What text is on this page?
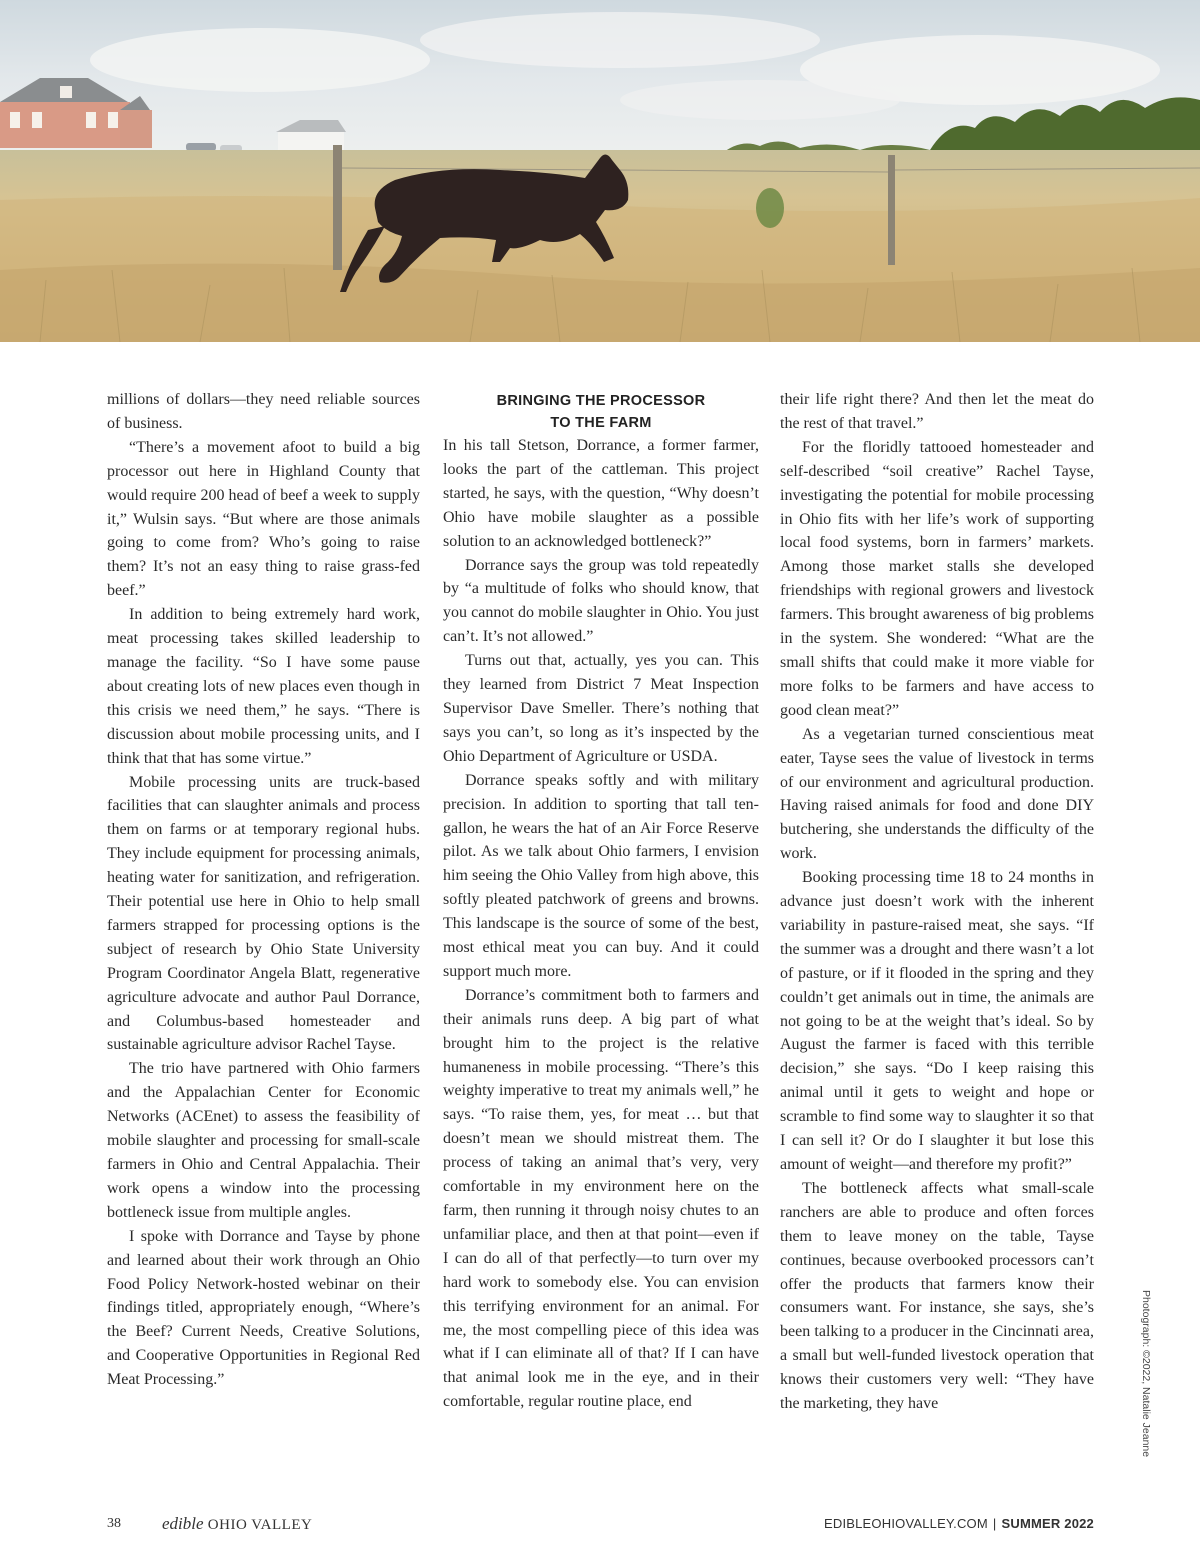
millions of dollars—they need reliable sources of business.

“There’s a movement afoot to build a big processor out here in Highland County that would require 200 head of beef a week to supply it,” Wulsin says. “But where are those animals going to come from? Who’s going to raise them? It’s not an easy thing to raise grass-fed beef.”

In addition to being extremely hard work, meat processing takes skilled leadership to manage the facility. “So I have some pause about creating lots of new places even though in this crisis we need them,” he says. “There is discussion about mobile processing units, and I think that that has some virtue.”

Mobile processing units are truck-based facilities that can slaughter animals and process them on farms or at temporary regional hubs. They include equipment for processing animals, heating water for sanitization, and refrigeration. Their potential use here in Ohio to help small farmers strapped for processing options is the subject of research by Ohio State University Program Coordinator Angela Blatt, regenerative agriculture advocate and author Paul Dorrance, and Columbus-based homesteader and sustainable agriculture advisor Rachel Tayse.

The trio have partnered with Ohio farmers and the Appalachian Center for Economic Networks (ACEnet) to assess the feasibility of mobile slaughter and processing for small-scale farmers in Ohio and Central Appalachia. Their work opens a window into the processing bottleneck issue from multiple angles.

I spoke with Dorrance and Tayse by phone and learned about their work through an Ohio Food Policy Network-hosted webinar on their findings titled, appropriately enough, “Where’s the Beef? Current Needs, Creative Solutions, and Cooperative Opportunities in Regional Red Meat Processing.”

BRINGING THE PROCESSOR
TO THE FARM

In his tall Stetson, Dorrance, a former farmer, looks the part of the cattleman. This project started, he says, with the question, “Why doesn’t Ohio have mobile slaughter as a possible solution to an acknowledged bottleneck?”

Dorrance says the group was told repeatedly by “a multitude of folks who should know, that you cannot do mobile slaughter in Ohio. You just can’t. It’s not allowed.”

Turns out that, actually, yes you can. This they learned from District 7 Meat Inspection Supervisor Dave Smeller. There’s nothing that says you can’t, so long as it’s inspected by the Ohio Department of Agriculture or USDA.

Dorrance speaks softly and with military precision. In addition to sporting that tall ten-gallon, he wears the hat of an Air Force Reserve pilot. As we talk about Ohio farmers, I envision him seeing the Ohio Valley from high above, this softly pleated patchwork of greens and browns. This landscape is the source of some of the best, most ethical meat you can buy. And it could support much more.

Dorrance’s commitment both to farmers and their animals runs deep. A big part of what brought him to the project is the relative humaneness in mobile processing. “There’s this weighty imperative to treat my animals well,” he says. “To raise them, yes, for meat … but that doesn’t mean we should mistreat them. The process of taking an animal that’s very, very comfortable in my environment here on the farm, then running it through noisy chutes to an unfamiliar place, and then at that point—even if I can do all of that perfectly—to turn over my hard work to somebody else. You can envision this terrifying environment for an animal. For me, the most compelling piece of this idea was what if I can eliminate all of that? If I can have that animal look me in the eye, and in their comfortable, regular routine place, end

their life right there? And then let the meat do the rest of that travel.”

For the floridly tattooed homesteader and self-described “soil creative” Rachel Tayse, investigating the potential for mobile processing in Ohio fits with her life’s work of supporting local food systems, born in farmers’ markets. Among those market stalls she developed friendships with regional growers and livestock farmers. This brought awareness of big problems in the system. She wondered: “What are the small shifts that could make it more viable for more folks to be farmers and have access to good clean meat?”

As a vegetarian turned conscientious meat eater, Tayse sees the value of livestock in terms of our environment and agricultural production. Having raised animals for food and done DIY butchering, she understands the difficulty of the work.

Booking processing time 18 to 24 months in advance just doesn’t work with the inherent variability in pasture-raised meat, she says. “If the summer was a drought and there wasn’t a lot of pasture, or if it flooded in the spring and they couldn’t get animals out in time, the animals are not going to be at the weight that’s ideal. So by August the farmer is faced with this terrible decision,” she says. “Do I keep raising this animal until it gets to weight and hope or scramble to find some way to slaughter it so that I can sell it? Or do I slaughter it but lose this amount of weight—and therefore my profit?”

The bottleneck affects what small-scale ranchers are able to produce and often forces them to leave money on the table, Tayse continues, because overbooked processors can’t offer the products that farmers know their consumers want. For instance, she says, she’s been talking to a producer in the Cincinnati area, a small but well-funded livestock operation that knows their customers very well: “They have the marketing, they have	Photograph: ©2022, Natalie Jeanne
38 edible OHIO VALLEY	EDIBLEOHIOVALLEY.COM | SUMMER 2022
